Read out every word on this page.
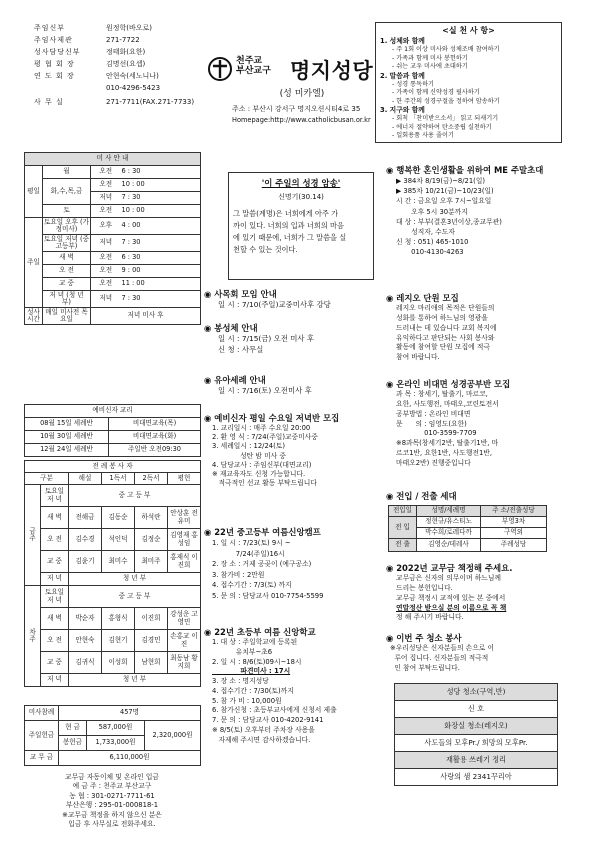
주임신부	원정학(바오로)
주임사제관	271-7722
성사담당신부	정태화(요한)
평 협 회 장	김명선(요셉)
연 도 회 장	안현숙(세노니나)
010-4296-5423
사 무 실	271-7711(FAX.271-7733)
천주교
부산교구 명지성당
(성 미카엘)
주소 : 부산시 강서구 명지오션시티4로 35
Homepage:http://www.catholicbusan.or.kr
<실 천 사 항>
1. 성체와 함께
- 주 1회 이상 미사와 성체조배 참여하기
- 가족과 함께 미사 봉헌하기
- 쉬는 교우 미사에 초대하기
2. 말씀과 함께
- 성경 통독하기
- 가족이 함께 신약성경 필사하기
- 한 주간의 성경구절을 정하여 암송하기
3. 지구와 함께
- 회칙 「찬미받으소서」 읽고 되새기기
- 에너지 절약하여 탄소중립 실천하기
- 일회용품 사용 줄이기
미 사 안 내			
평일	월	오전	6 : 30
	화,수,목,금	오전	10 : 00
		저녁	7 : 30
	토	오전	10 : 00
주일	토요일 오후 (가정미사)	오후	4 : 00
	토요일 저녁 (중고등부)	저녁	7 : 30
	새 벽	오전	6 : 30
	오 전	오전	9 : 00
	교 중	오전	11 : 00
	저 녁 (청 년 부)	저녁	7 : 30
성사시간	매일 미사전 목요일	저녁 미사 후	
예비신자 교리	
08월 15일 세례반	비대면교육(목)
10월 30일 세례반	비대면교육(화)
12월 24일 세례반	주일반 오전09:30
전 례 봉 사 자					
구분		해설	1독서	2독서	평헌
금 주	토요일 저 녁	중 고 등 부			
	새 벽	전해금	김동순	하석란	안상훈 전유미
	오 전	김수경	석인덕	김정순	김영재 홍성임
	교 중	김윤기	최미수	최미주	홍재식 이진희
	저 녁	청 년 부			
차 주	토요일 저 녁	중 고 등 부			
	새 벽	박순자	홍형식	이진희	강성운 고영민
	오 전	안현숙	김현기	김경민	손홍교 이 진
	교 중	김귀식	이성희	남현희	최동남 황지희
	저 녁	청 년 부			
미사참례	457명		
주일헌금	현 금	587,000원	2,320,000원
	봉헌금	1,733,000원	
교 무 금	6,110,000원		
교무금 자동이체 및 온라인 입금
예 금 주 : 천주교 부산교구
농 협 : 301-0271-7711-61
부산은행 : 295-01-000818-1
※교무금 책정을 하지 않으신 분은
입금 후 사무실로 전화주세요.
'이 주일의 성경 암송'
신명기(30.14)
그 말씀(계명)은 너희에게 아주 가
까이 있다. 너희의 입과 너희의 마음
에 있기 때문에, 너희가 그 말씀을 실
천할 수 있는 것이다.
◉ 사목회 모임 안내
일 시 : 7/10(주일)교중미사후 강당
◉ 봉성체 안내
일 시 : 7/15(금) 오전 미사 후
신 청 : 사무실
◉ 유아세례 안내
일 시 : 7/16(토) 오전미사 후
◉ 예비신자 평일 수요일 저녁반 모집
1. 교리일시 : 매주 수요일 20:00
2. 환 영 식 : 7/24(주일)교중미사중
3. 세례일시 : 12/24(토)
성탄 밤 미사 중
4. 담당교사 : 주임신부(대면교리)
※ 재교육자도 신청 가능합니다.
적극적인 선교 활동 부탁드립니다
◉ 22년 중고등부 여름신앙캠프
1. 일 시 : 7/23(토) 9시 ~
7/24(주일)16시
2. 장 소 : 거제 공곶이 (예구공소)
3. 참가비 : 2만원
4. 접수기간 : 7/3(토) 까지
5. 문 의 : 담당교사 010-7754-5599
◉ 22년 초등부 여름 신앙학교
1. 대 상 : 주일학교에 등록된
유치부~초6
2. 일 시 : 8/6(토)09시~18시
파견미사 : 17시
3. 장 소 : 명지성당
4. 접수기간 : 7/30(토)까지
5. 참 가 비 : 10,000원
6. 참가신청 : 초등부교사에게 신청서 제출
7. 문 의 : 담당교사 010-4202-9141
※ 8/5(토) 오후부터 주차장 사용을
자제해 주시면 감사하겠습니다.
◉ 행복한 혼인생활을 위하여 ME 주말초대
▶ 384차 8/19(금)~8/21(일)
▶ 385차 10/21(금)~10/23(일)
시 간 : 금요일 오후 7시~일요일
오후 5시 30분까지
대 상 : 부부(결혼3년이상,종교무관)
성직자, 수도자
신 청 : 051) 465-1010
010-4130-4263
◉ 레지오 단원 모집
레지오 마리애의 목적은 단원들의
성화를 통하여 하느님의 영광을
드러내는 데 있습니다 교회 복지에
유익하다고 판단되는 사회 봉사와
활동에 참여할 단원 모집에 적극
참여 바랍니다.
◉ 온라인 비대면 성경공부반 모집
과 목 : 창세기, 탈출기, 마르코,
요한, 사도행전, 마태오,코린토전서
공부방법 : 온라인 비대면
문      의 : 임영도(요한)
010-3599-7709
※8과목(창세기2반, 탈출기1반, 마
르코1반, 요한1반, 사도행전1반,
마태오2반) 진행중입니다
◉ 전입 / 전출 세대
전입일	성명/세례명	주 소/전출성당
전 입	정현규/유스티노	부영3차
	박수희/로레다까	구역외
전 출	김영순/데레사	주례성당
◉ 2022년 교무금 책정해 주세요.
교무금은 신자의 의무이며 하느님께
드리는 봉헌입니다.
교무금 책정시 교적에 있는 본 중에서
연말정산 받으실 분의 이름으로 꼭 책
정 해 주시기 바랍니다.
◉ 이번 주 청소 봉사
※우리성당은 신자분들의 손으로 이
루어 집니다. 신자분들의 적극적
인 참여 부탁드립니다.
성당 청소(구역,반)
신 호
화장실 청소(레지오)
사도들의 모후Pr./ 희망의 모후Pr.
재활용 쓰레기 정리
사랑의 샘 2341꾸리아
